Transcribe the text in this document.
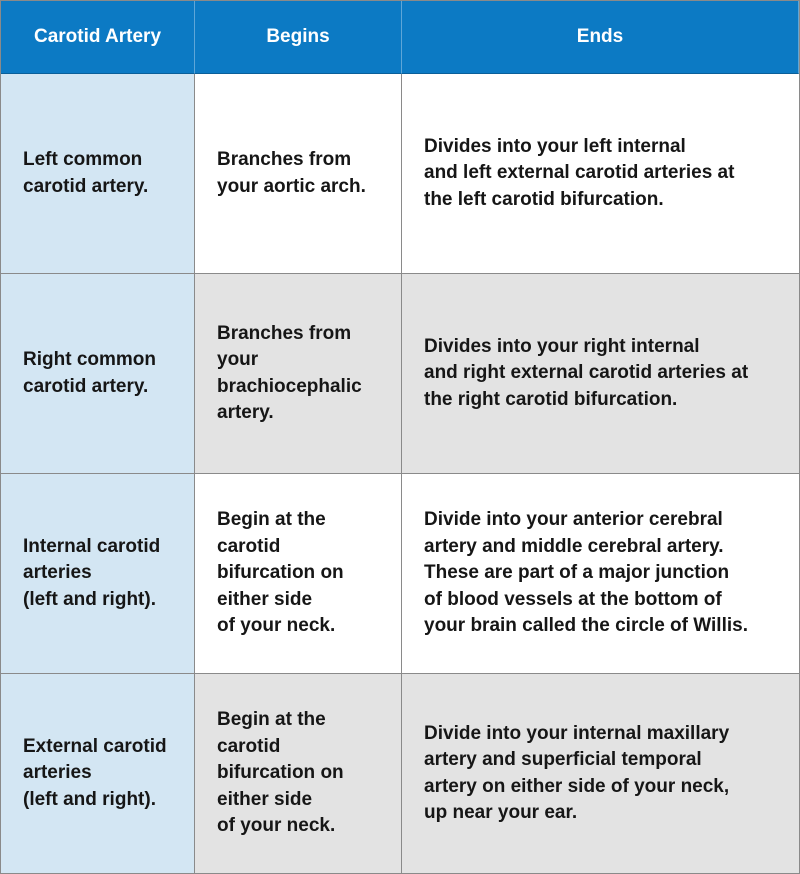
Carotid Artery	Begins	Ends
Left common
carotid artery.
Branches from
your aortic arch.
Divides into your left internal
and left external carotid arteries at
the left carotid bifurcation.
Right common
carotid artery.
Branches from
your
brachiocephalic
artery.
Divides into your right internal
and right external carotid arteries at
the right carotid bifurcation.
Internal carotid
arteries
(left and right).
Begin at the
carotid
bifurcation on
either side
of your neck.
Divide into your anterior cerebral
artery and middle cerebral artery.
These are part of a major junction
of blood vessels at the bottom of
your brain called the circle of Willis.
External carotid
arteries
(left and right).
Begin at the
carotid
bifurcation on
either side
of your neck.
Divide into your internal maxillary
artery and superficial temporal
artery on either side of your neck,
up near your ear.
